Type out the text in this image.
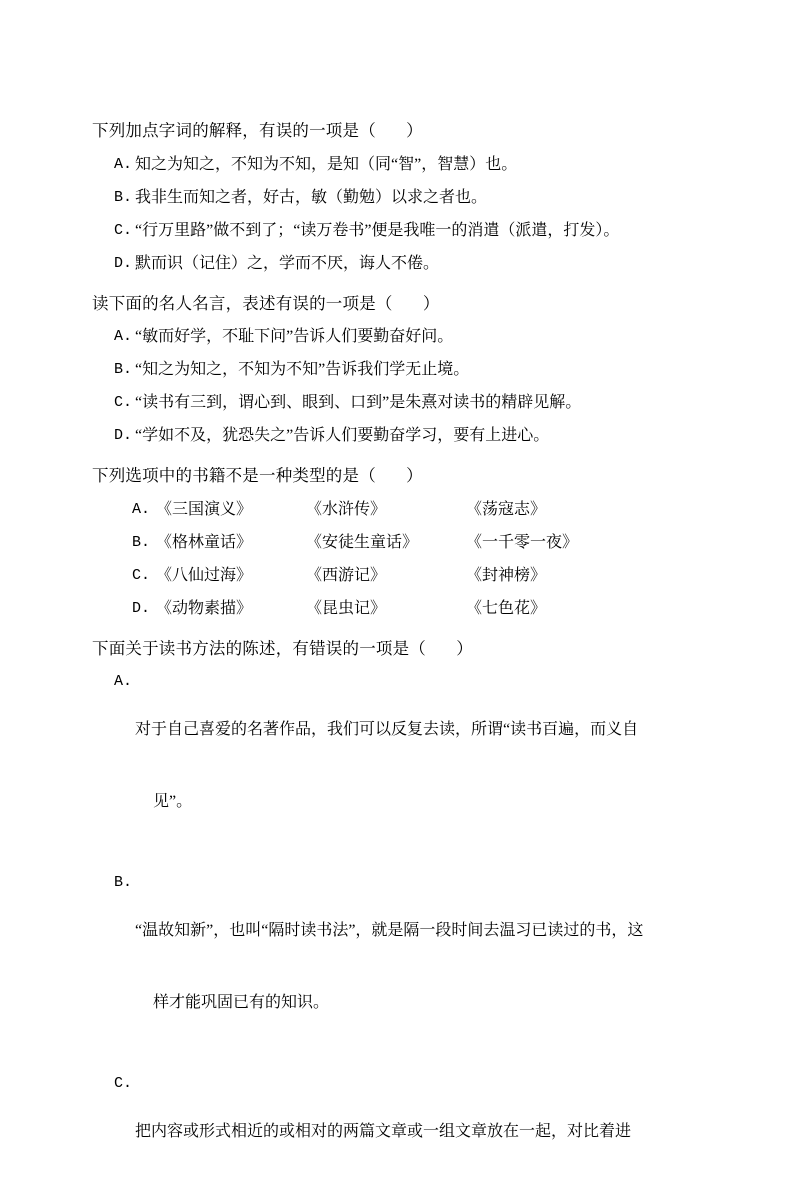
下列加点字词的解释，有误的一项是（       ）
A. 知之为知之，不知为不知，是知（同“智”，智慧）也。
B. 我非生而知之者，好古，敏（勤勉）以求之者也。
C. “行万里路”做不到了；“读万卷书”便是我唯一的消遣（派遣，打发）。
D. 默而识（记住）之，学而不厌，诲人不倦。
读下面的名人名言，表述有误的一项是（       ）
A. “敏而好学，不耻下问”告诉人们要勤奋好问。
B. “知之为知之，不知为不知”告诉我们学无止境。
C. “读书有三到，谓心到、眼到、口到”是朱熹对读书的精辟见解。
D. “学如不及，犹恐失之”告诉人们要勤奋学习，要有上进心。
下列选项中的书籍不是一种类型的是（       ）
A. 《三国演义》	《水浒传》	《荡寇志》
B. 《格林童话》	《安徒生童话》	《一千零一夜》
C. 《八仙过海》	《西游记》	《封神榜》
D. 《动物素描》	《昆虫记》	《七色花》
下面关于读书方法的陈述，有错误的一项是（       ）
A.

对于自己喜爱的名著作品，我们可以反复去读，所谓“读书百遍，而义自

见”。

B.

“温故知新”，也叫“隔时读书法”，就是隔一段时间去温习已读过的书，这

样才能巩固已有的知识。

C.

把内容或形式相近的或相对的两篇文章或一组文章放在一起，对比着进
